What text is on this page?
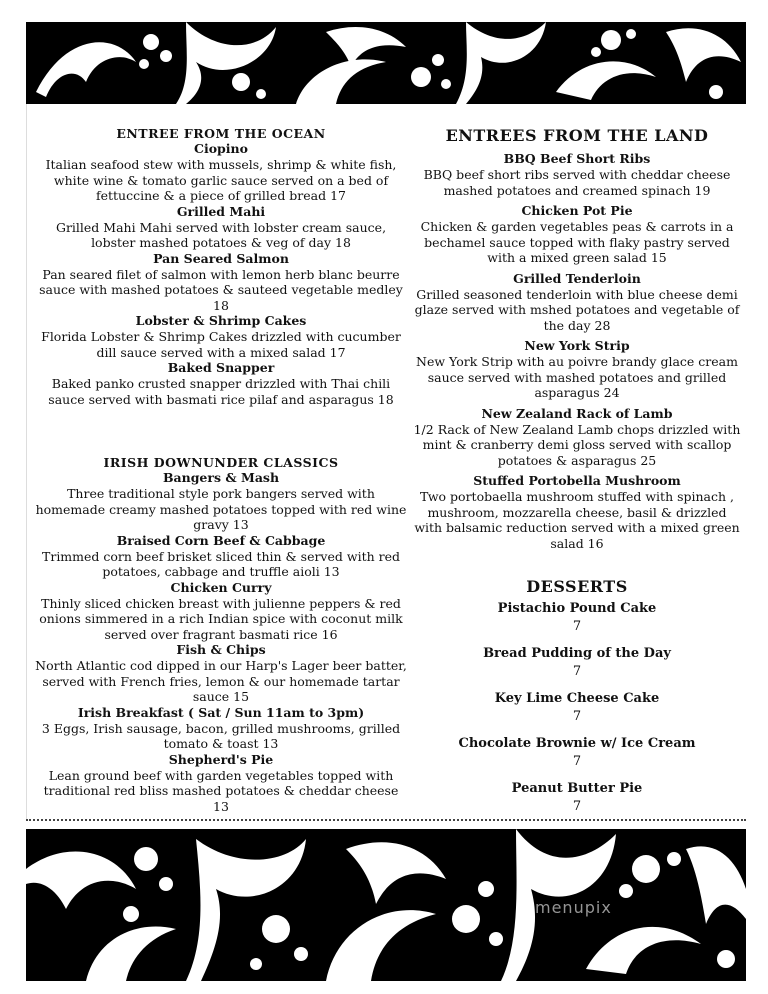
ENTREE FROM THE OCEAN
Ciopino
Italian seafood stew with mussels, shrimp & white fish, white wine & tomato garlic sauce served on a bed of fettuccine & a piece of grilled bread 17
Grilled Mahi
Grilled Mahi Mahi served with lobster cream sauce, lobster mashed potatoes & veg of day 18
Pan Seared Salmon
Pan seared filet of salmon with lemon herb blanc beurre sauce with mashed potatoes & sauteed vegetable medley 18
Lobster & Shrimp Cakes
Florida Lobster & Shrimp Cakes drizzled with cucumber dill sauce served with a mixed salad 17
Baked Snapper
Baked panko crusted snapper drizzled with Thai chili sauce served with basmati rice pilaf and asparagus 18
IRISH DOWNUNDER CLASSICS
Bangers & Mash
Three traditional style pork bangers served with homemade creamy mashed potatoes topped with red wine gravy 13
Braised Corn Beef & Cabbage
Trimmed corn beef brisket sliced thin & served with red potatoes, cabbage and truffle aioli 13
Chicken Curry
Thinly sliced chicken breast with julienne peppers & red onions simmered in a rich Indian spice with coconut milk served over fragrant basmati rice 16
Fish & Chips
North Atlantic cod dipped in our Harp's Lager beer batter, served with French fries, lemon & our homemade tartar sauce 15
Irish Breakfast ( Sat / Sun 11am to 3pm)
3 Eggs, Irish sausage, bacon, grilled mushrooms, grilled tomato & toast 13
Shepherd's Pie
Lean ground beef with garden vegetables topped with traditional red bliss mashed potatoes & cheddar cheese 13
ENTREES FROM THE LAND
BBQ Beef Short Ribs
BBQ beef short ribs served with cheddar cheese mashed potatoes and creamed spinach 19
Chicken Pot Pie
Chicken & garden vegetables peas & carrots in a bechamel sauce topped with flaky pastry served with a mixed green salad 15
Grilled Tenderloin
Grilled seasoned tenderloin with blue cheese demi glaze served with mshed potatoes and vegetable of the day 28
New York Strip
New York Strip with au poivre brandy glace cream sauce served with mashed potatoes and grilled asparagus 24
New Zealand Rack of Lamb
1/2 Rack of New Zealand Lamb chops drizzled with mint & cranberry demi gloss served with scallop potatoes & asparagus 25
Stuffed Portobella Mushroom
Two portobaella mushroom stuffed with spinach , mushroom, mozzarella cheese, basil & drizzled with balsamic reduction served with a mixed green salad 16
DESSERTS
Pistachio Pound Cake
7
Bread Pudding of the Day
7
Key Lime Cheese Cake
7
Chocolate Brownie w/ Ice Cream
7
Peanut Butter Pie
7
menupix
